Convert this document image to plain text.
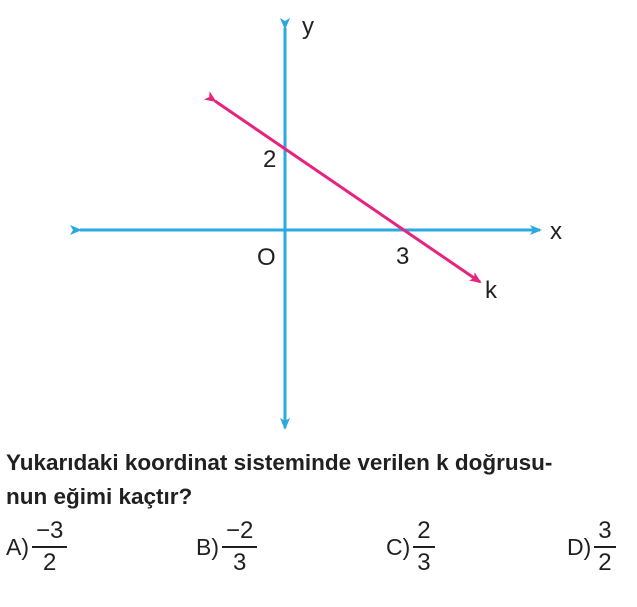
y
x
O
2
3
k
Yukarıdaki koordinat sisteminde verilen k doğrusu-
nun eğimi kaçtır?
$A) \frac{-3}{2}$	$B) \frac{-2}{3}$	$C) \frac{2}{3}$	$D) \frac{3}{2}$
